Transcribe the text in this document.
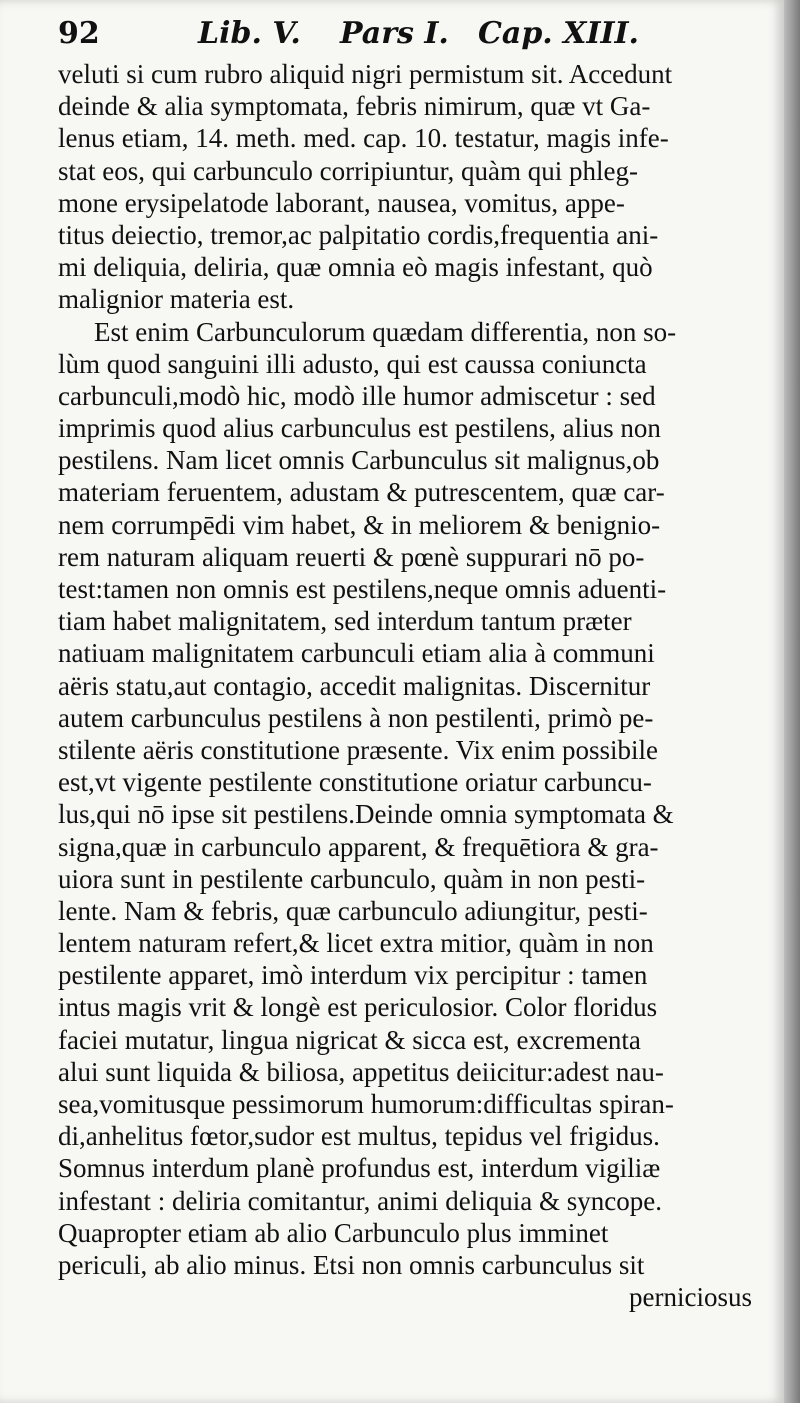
92	Lib. V. Pars I. Cap. XIII.
veluti si cum rubro aliquid nigri permistum sit. Accedunt
deinde & alia symptomata, febris nimirum, quæ vt Ga-
lenus etiam, 14. meth. med. cap. 10. testatur, magis infe-
stat eos, qui carbunculo corripiuntur, quàm qui phleg-
mone erysipelatode laborant, nausea, vomitus, appe-
titus deiectio, tremor,ac palpitatio cordis,frequentia ani-
mi deliquia, deliria, quæ omnia eò magis infestant, quò
malignior materia est.
Est enim Carbunculorum quædam differentia, non so-
lùm quod sanguini illi adusto, qui est caussa coniuncta
carbunculi,modò hic, modò ille humor admiscetur : sed
imprimis quod alius carbunculus est pestilens, alius non
pestilens. Nam licet omnis Carbunculus sit malignus,ob
materiam feruentem, adustam & putrescentem, quæ car-
nem corrumpēdi vim habet, & in meliorem & benignio-
rem naturam aliquam reuerti & pœnè suppurari nō po-
test:tamen non omnis est pestilens,neque omnis aduenti-
tiam habet malignitatem, sed interdum tantum præter
natiuam malignitatem carbunculi etiam alia à communi
aëris statu,aut contagio, accedit malignitas. Discernitur
autem carbunculus pestilens à non pestilenti, primò pe-
stilente aëris constitutione præsente. Vix enim possibile
est,vt vigente pestilente constitutione oriatur carbuncu-
lus,qui nō ipse sit pestilens.Deinde omnia symptomata &
signa,quæ in carbunculo apparent, & frequētiora & gra-
uiora sunt in pestilente carbunculo, quàm in non pesti-
lente. Nam & febris, quæ carbunculo adiungitur, pesti-
lentem naturam refert,& licet extra mitior, quàm in non
pestilente apparet, imò interdum vix percipitur : tamen
intus magis vrit & longè est periculosior. Color floridus
faciei mutatur, lingua nigricat & sicca est, excrementa
alui sunt liquida & biliosa, appetitus deiicitur:adest nau-
sea,vomitusque pessimorum humorum:difficultas spiran-
di,anhelitus fœtor,sudor est multus, tepidus vel frigidus.
Somnus interdum planè profundus est, interdum vigiliæ
infestant : deliria comitantur, animi deliquia & syncope.
Quapropter etiam ab alio Carbunculo plus imminet
periculi, ab alio minus. Etsi non omnis carbunculus sit
perniciosus
